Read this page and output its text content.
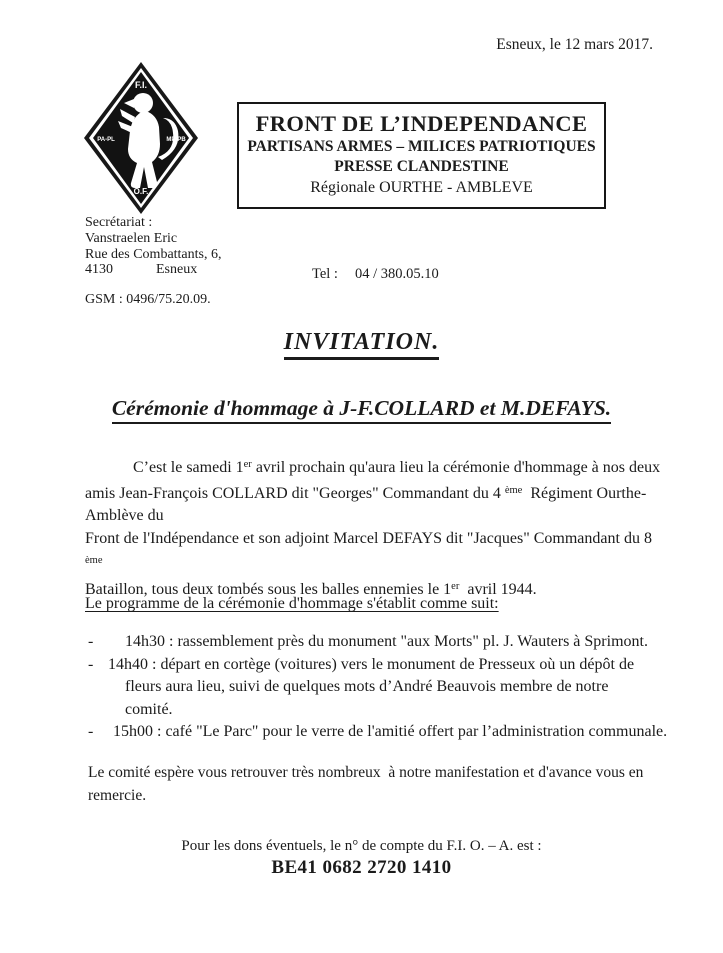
Esneux, le 12 mars 2017.
F.I.
PA-PL	MP-PB
O.F.
FRONT DE L’INDEPENDANCE
PARTISANS ARMES – MILICES PATRIOTIQUES
PRESSE CLANDESTINE
Régionale OURTHE - AMBLEVE
Secrétariat :
Vanstraelen Eric
Rue des Combattants, 6,
4130	Esneux
GSM : 0496/75.20.09.
Tel : 04 / 380.05.10
INVITATION.
Cérémonie d'hommage à J-F.COLLARD et M.DEFAYS.
C’est le samedi 1er avril prochain qu'aura lieu la cérémonie d'hommage à nos deux
amis Jean-François COLLARD dit "Georges" Commandant du 4 $^{ème}$  Régiment Ourthe-
Amblève du
Front de l'Indépendance et son adjoint Marcel DEFAYS dit "Jacques" Commandant du 8 $^{ème}$
Bataillon, tous deux tombés sous les balles ennemies le 1er  avril 1944.
Le programme de la cérémonie d'hommage s'établit comme suit:
-	14h30 : rassemblement près du monument "aux Morts" pl. J. Wauters à Sprimont.
- 14h40 : départ en cortège (voitures) vers le monument de Presseux où un dépôt de fleurs aura lieu, suivi de quelques mots d’André Beauvois membre de notre comité.
-	15h00 : café "Le Parc" pour le verre de l'amitié offert par l’administration communale.
Le comité espère vous retrouver très nombreux  à notre manifestation et d'avance vous en remercie.
Pour les dons éventuels, le n° de compte du F.I. O. – A. est :
BE41 0682 2720 1410
